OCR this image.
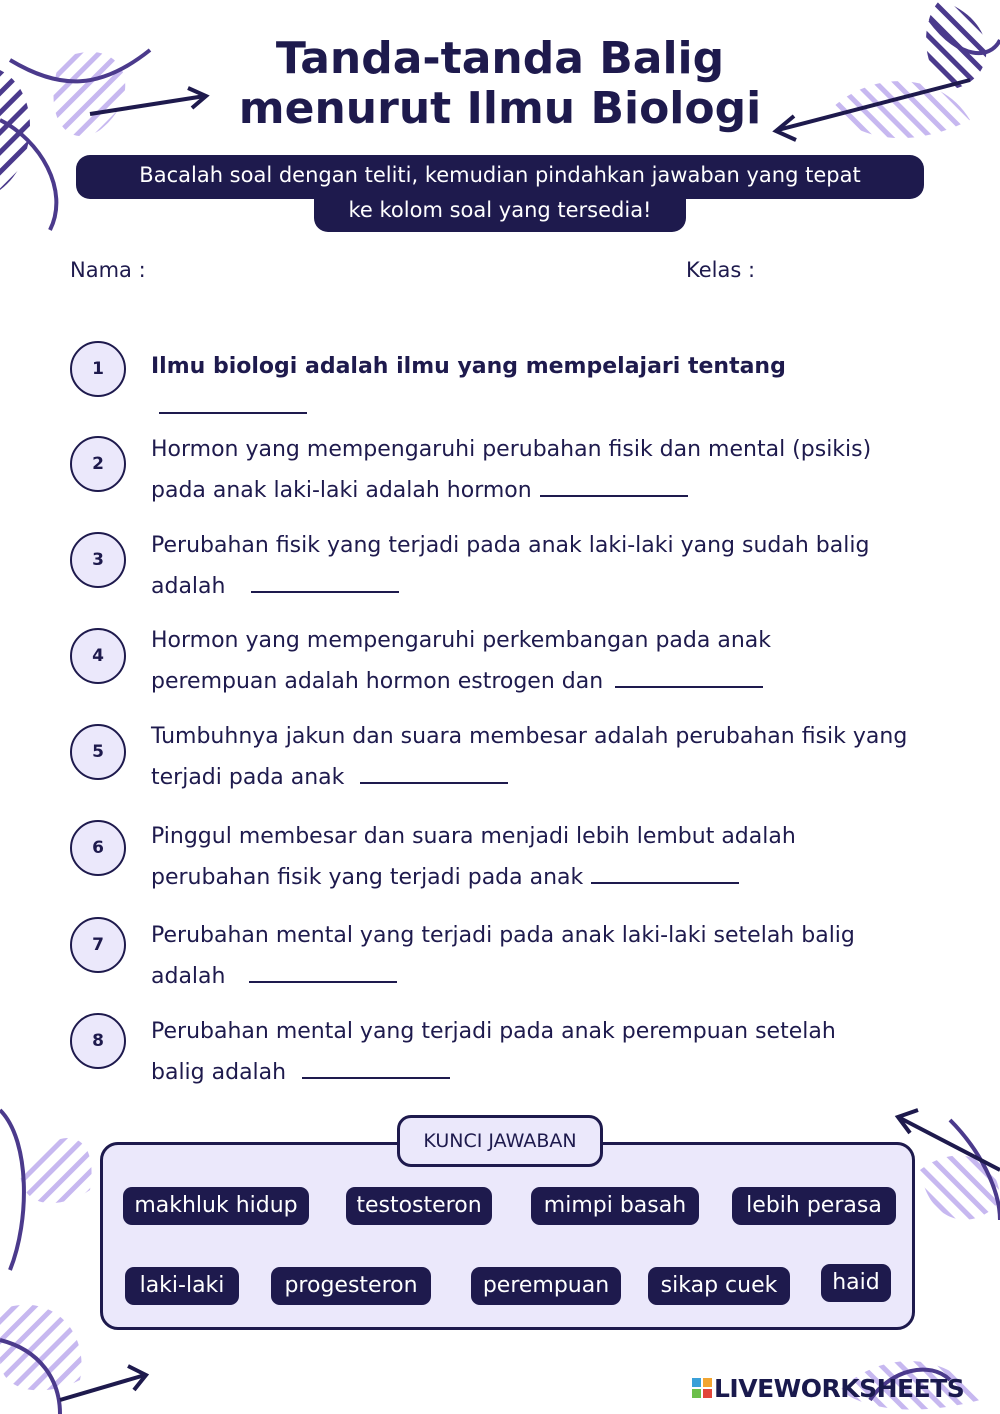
Tanda-tanda Balig
menurut Ilmu Biologi
Bacalah soal dengan teliti, kemudian pindahkan jawaban yang tepat
ke kolom soal yang tersedia!
Nama :	Kelas :
1	Ilmu biologi adalah ilmu yang mempelajari tentang
2
Hormon yang mempengaruhi perubahan fisik dan mental (psikis)
pada anak laki-laki adalah hormon
3
Perubahan fisik yang terjadi pada anak laki-laki yang sudah balig
adalah
4
Hormon yang mempengaruhi perkembangan pada anak
perempuan adalah hormon estrogen dan
5
Tumbuhnya jakun dan suara membesar adalah perubahan fisik yang
terjadi pada anak
6	Pinggul membesar dan suara menjadi lebih lembut adalah
perubahan fisik yang terjadi pada anak
7	Perubahan mental yang terjadi pada anak laki-laki setelah balig
adalah
8	Perubahan mental yang terjadi pada anak perempuan setelah
balig adalah
KUNCI JAWABAN
makhluk hidup	testosteron	mimpi basah	lebih perasa
laki-laki	progesteron	perempuan	sikap cuek	haid
LIVEWORKSHEETS
